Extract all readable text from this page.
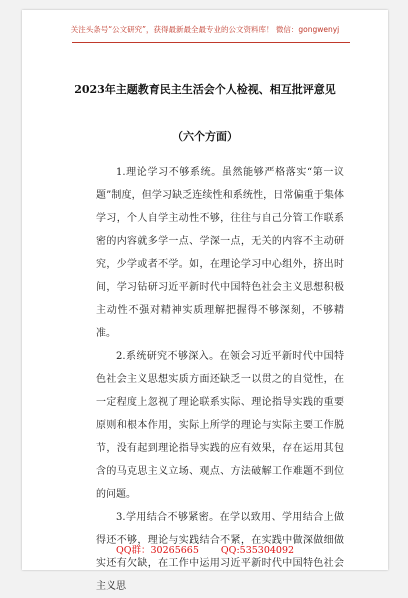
关注头条号“公文研究”，获得最新最全最专业的公文资料库！ 微信：gongwenyj
2023年主题教育民主生活会个人检视、相互批评意见
（六个方面）

1.理论学习不够系统。虽然能够严格落实“第一议题”制度，但学习缺乏连续性和系统性，日常偏重于集体学习，个人自学主动性不够，往往与自己分管工作联系密的内容就多学一点、学深一点，无关的内容不主动研究，少学或者不学。如，在理论学习中心组外，挤出时间，学习钻研习近平新时代中国特色社会主义思想积极主动性不强对精神实质理解把握得不够深刻，不够精准。

2.系统研究不够深入。在领会习近平新时代中国特色社会主义思想实质方面还缺乏一以贯之的自觉性，在一定程度上忽视了理论联系实际、理论指导实践的重要原则和根本作用，实际上所学的理论与实际主要工作脱节，没有起到理论指导实践的应有效果，存在运用其包含的马克思主义立场、观点、方法破解工作难题不到位的问题。

3.学用结合不够紧密。在学以致用、学用结合上做得还不够，理论与实践结合不紧，在实践中做深做细做实还有欠缺，在工作中运用习近平新时代中国特色社会主义思

QQ群：30265665 QQ:535304092
